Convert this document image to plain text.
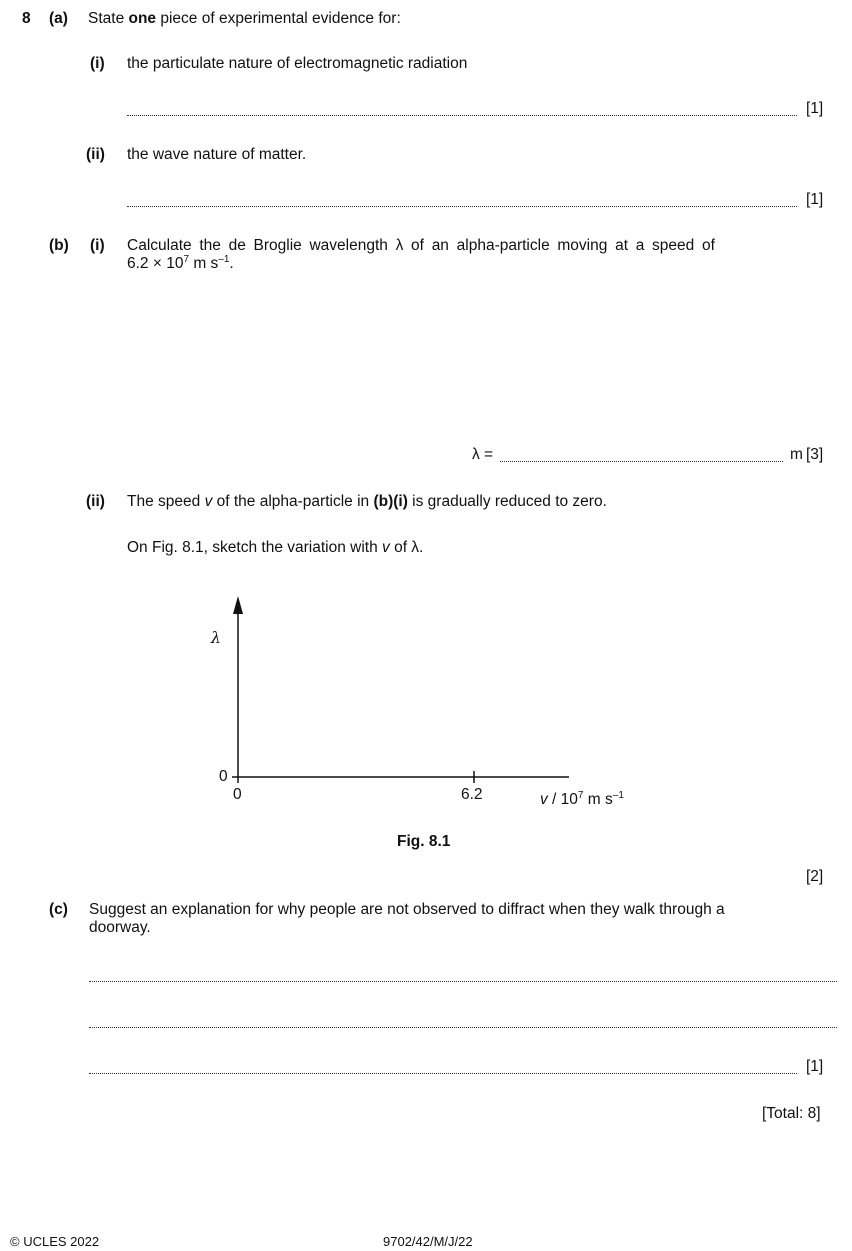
8 (a) State one piece of experimental evidence for:
(i) the particulate nature of electromagnetic radiation
[1]
(ii) the wave nature of matter.
[1]
(b) (i) Calculate the de Broglie wavelength λ of an alpha-particle moving at a speed of
$6.2 \times 10^7$ m $s^{-1}$.
λ =	m [3]
(ii) The speed v of the alpha-particle in (b)(i) is gradually reduced to zero.
On Fig. 8.1, sketch the variation with v of λ.
λ
0
0	6.2	v / $10^7$ m $s^{-1}$
Fig. 8.1
[2]
(c) Suggest an explanation for why people are not observed to diffract when they walk through a
doorway.
[1]
[Total: 8]
© UCLES 2022	9702/42/M/J/22
